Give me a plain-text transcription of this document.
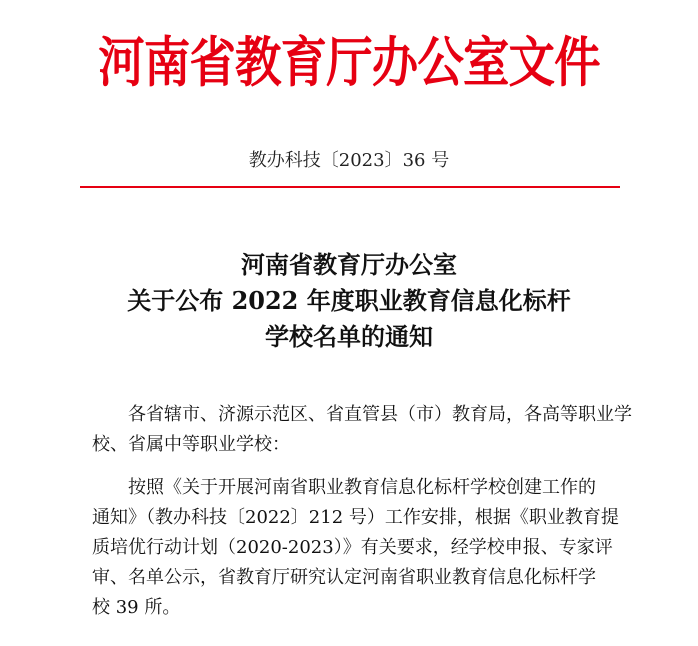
河南省教育厅办公室文件
教办科技〔2023〕36 号
河南省教育厅办公室
关于公布 2022 年度职业教育信息化标杆
学校名单的通知
各省辖市、济源示范区、省直管县（市）教育局，各高等职业学
校、省属中等职业学校：
按照《关于开展河南省职业教育信息化标杆学校创建工作的
通知》（教办科技〔2022〕212 号）工作安排，根据《职业教育提
质培优行动计划（2020-2023）》有关要求，经学校申报、专家评
审、名单公示，省教育厅研究认定河南省职业教育信息化标杆学
校 39 所。
